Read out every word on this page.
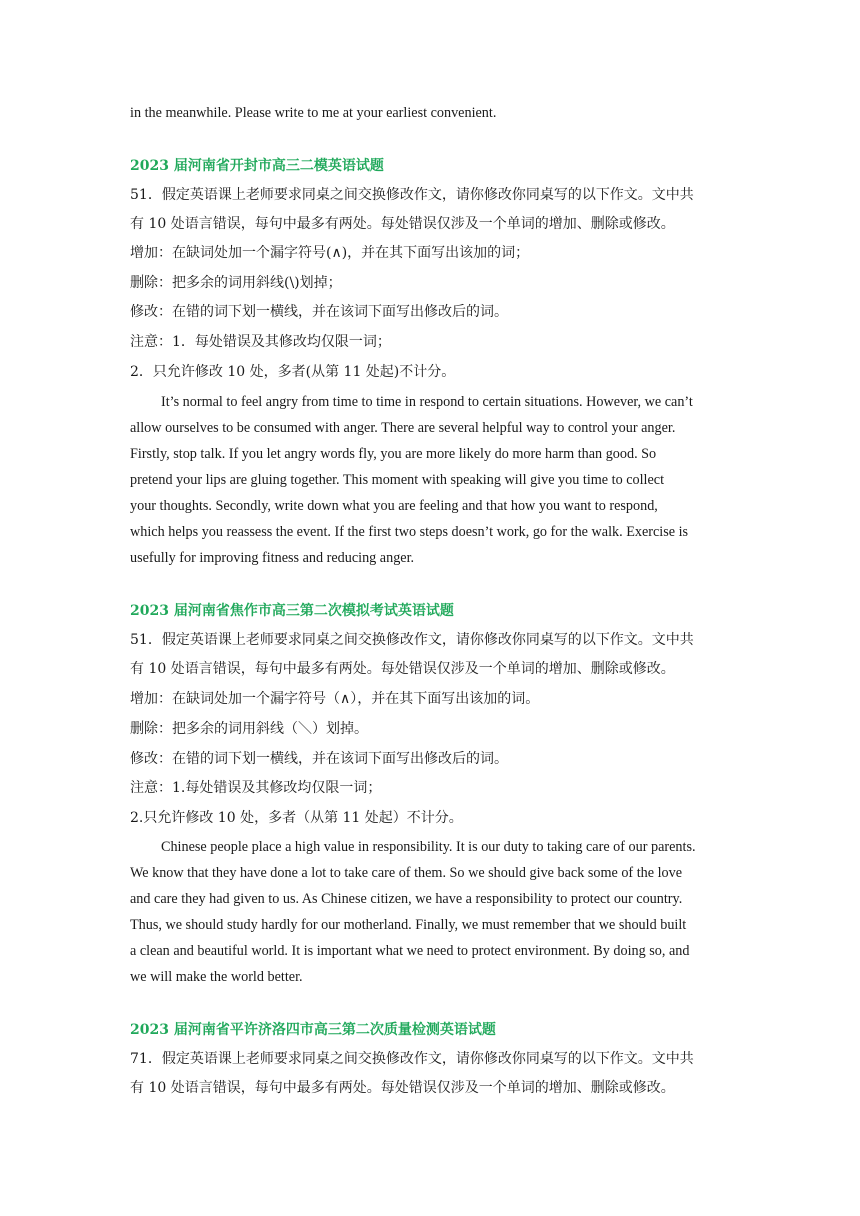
in the meanwhile. Please write to me at your earliest convenient.
2023 届河南省开封市高三二模英语试题
51．假定英语课上老师要求同桌之间交换修改作文，请你修改你同桌写的以下作文。文中共
有 10 处语言错误，每句中最多有两处。每处错误仅涉及一个单词的增加、删除或修改。
增加：在缺词处加一个漏字符号(∧)，并在其下面写出该加的词；
删除：把多余的词用斜线(\)划掉；
修改：在错的词下划一横线，并在该词下面写出修改后的词。
注意：1．每处错误及其修改均仅限一词；
2．只允许修改 10 处，多者(从第 11 处起)不计分。
It’s normal to feel angry from time to time in respond to certain situations. However, we can’t
allow ourselves to be consumed with anger. There are several helpful way to control your anger.
Firstly, stop talk. If you let angry words fly, you are more likely do more harm than good. So
pretend your lips are gluing together. This moment with speaking will give you time to collect
your thoughts. Secondly, write down what you are feeling and that how you want to respond,
which helps you reassess the event. If the first two steps doesn’t work, go for the walk. Exercise is
usefully for improving fitness and reducing anger.
2023 届河南省焦作市高三第二次模拟考试英语试题
51．假定英语课上老师要求同桌之间交换修改作文，请你修改你同桌写的以下作文。文中共
有 10 处语言错误，每句中最多有两处。每处错误仅涉及一个单词的增加、删除或修改。
增加：在缺词处加一个漏字符号（∧），并在其下面写出该加的词。
删除：把多余的词用斜线（＼）划掉。
修改：在错的词下划一横线，并在该词下面写出修改后的词。
注意：1.每处错误及其修改均仅限一词；
2.只允许修改 10 处，多者（从第 11 处起）不计分。
Chinese people place a high value in responsibility. It is our duty to taking care of our parents.
We know that they have done a lot to take care of them. So we should give back some of the love
and care they had given to us. As Chinese citizen, we have a responsibility to protect our country.
Thus, we should study hardly for our motherland. Finally, we must remember that we should built
a clean and beautiful world. It is important what we need to protect environment. By doing so, and
we will make the world better.
2023 届河南省平许济洛四市高三第二次质量检测英语试题
71．假定英语课上老师要求同桌之间交换修改作文，请你修改你同桌写的以下作文。文中共
有 10 处语言错误，每句中最多有两处。每处错误仅涉及一个单词的增加、删除或修改。
